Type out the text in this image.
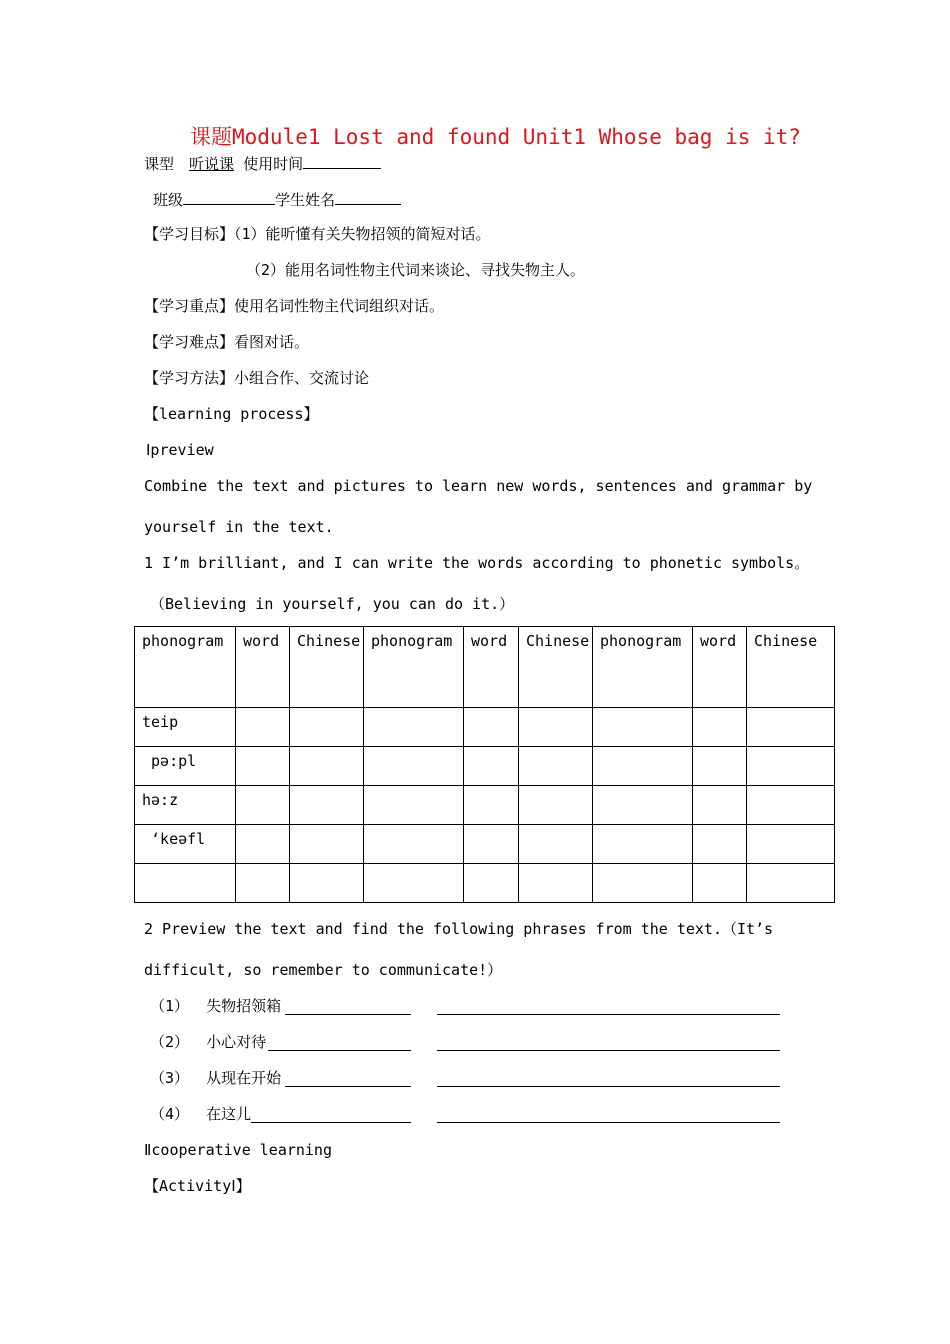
课题Module1 Lost and found Unit1 Whose bag is it?
课型 听说课 使用时间
班级	学生姓名
【学习目标】（1）能听懂有关失物招领的简短对话。
（2）能用名词性物主代词来谈论、寻找失物主人。
【学习重点】使用名词性物主代词组织对话。
【学习难点】看图对话。
【学习方法】小组合作、交流讨论
【learning process】
Ⅰpreview
Combine the text and pictures to learn new words, sentences and grammar by
yourself in the text.
1 I’m brilliant, and I can write the words according to phonetic symbols。
（Believing in yourself, you can do it.）
phonogram	word	Chinese	phonogram	word	Chinese	phonogram	word	Chinese
teip								
pə:pl								
hə:z								
‘keəfl								

2 Preview the text and find the following phrases from the text.（It’s
difficult, so remember to communicate!）
（1） 失物招领箱
（2） 小心对待
（3） 从现在开始
（4） 在这儿
Ⅱcooperative learning
【ActivityⅠ】
